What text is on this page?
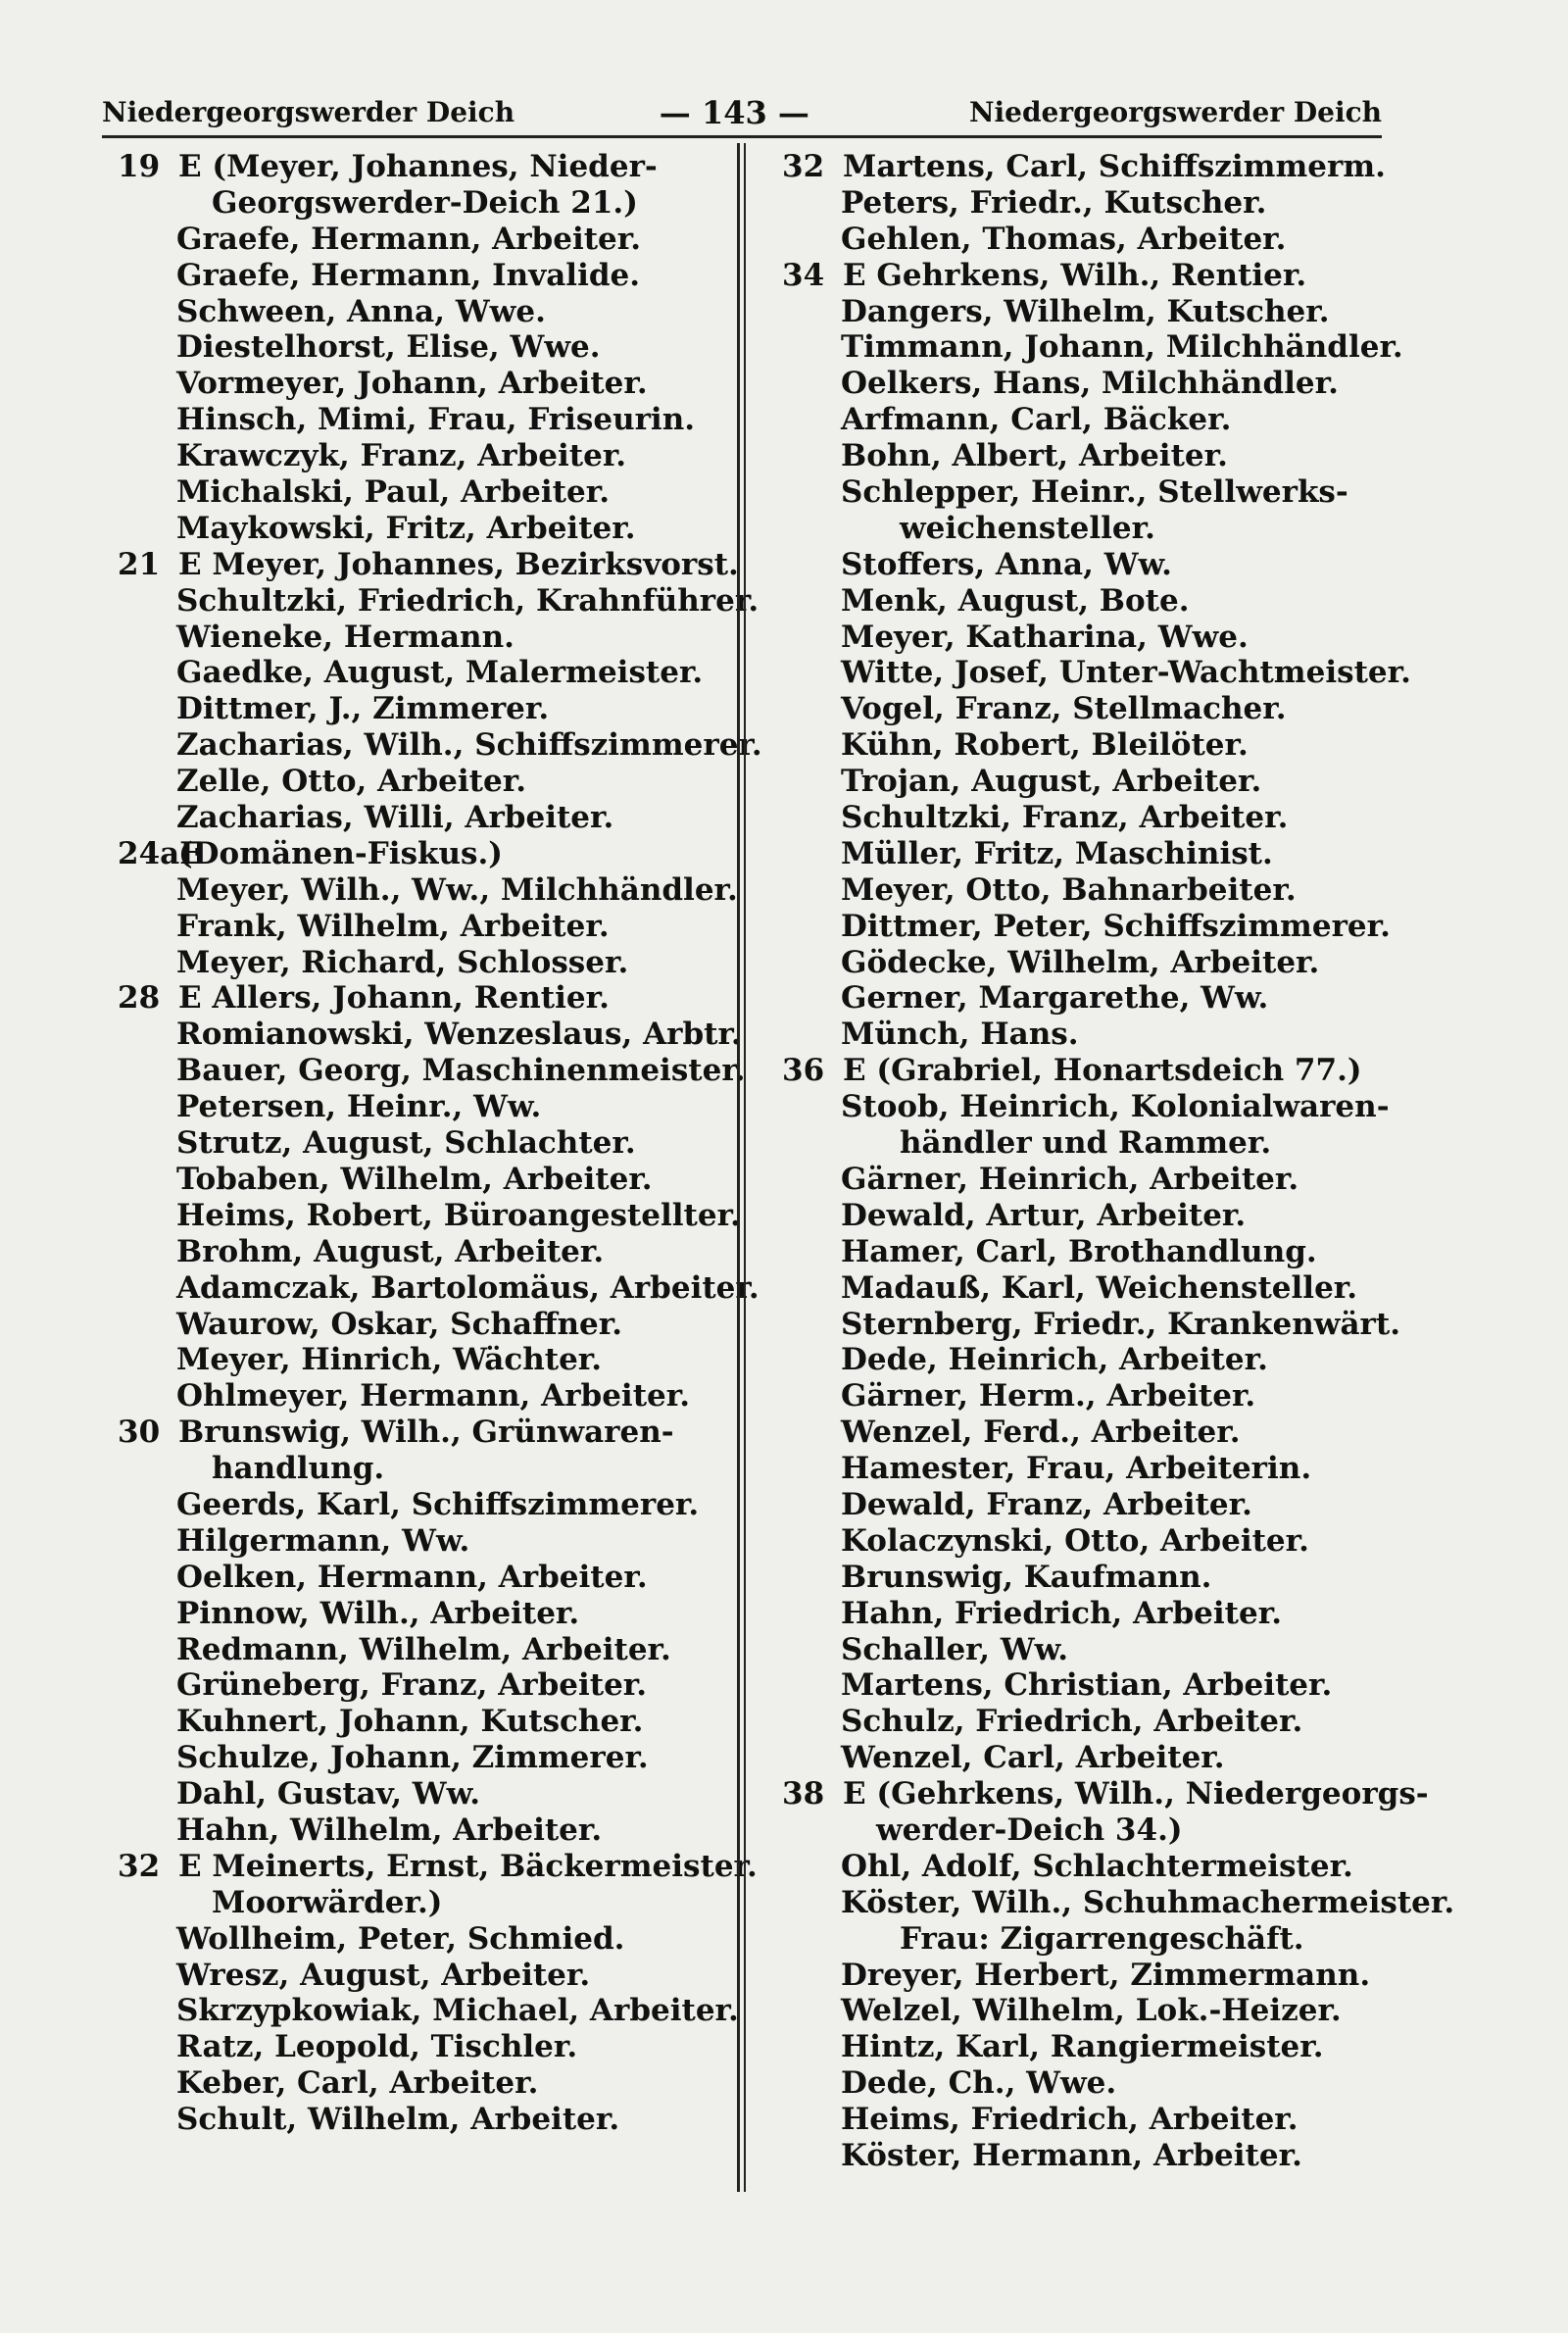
Niedergeorgswerder Deich	— 143 —	Niedergeorgswerder Deich
19 E (Meyer, Johannes, Nieder-
Georgswerder-Deich 21.)
Graefe, Hermann, Arbeiter.
Graefe, Hermann, Invalide.
Schween, Anna, Wwe.
Diestelhorst, Elise, Wwe.
Vormeyer, Johann, Arbeiter.
Hinsch, Mimi, Frau, Friseurin.
Krawczyk, Franz, Arbeiter.
Michalski, Paul, Arbeiter.
Maykowski, Fritz, Arbeiter.
21 E Meyer, Johannes, Bezirksvorst.
Schultzki, Friedrich, Krahnführer.
Wieneke, Hermann.
Gaedke, August, Malermeister.
Dittmer, J., Zimmerer.
Zacharias, Wilh., Schiffszimmerer.
Zelle, Otto, Arbeiter.
Zacharias, Willi, Arbeiter.
24aE
(Domänen-Fiskus.)
Meyer, Wilh., Ww., Milchhändler.
Frank, Wilhelm, Arbeiter.
Meyer, Richard, Schlosser.
28 E Allers, Johann, Rentier.
Romianowski, Wenzeslaus, Arbtr.
Bauer, Georg, Maschinenmeister.
Petersen, Heinr., Ww.
Strutz, August, Schlachter.
Tobaben, Wilhelm, Arbeiter.
Heims, Robert, Büroangestellter.
Brohm, August, Arbeiter.
Adamczak, Bartolomäus, Arbeiter.
Waurow, Oskar, Schaffner.
Meyer, Hinrich, Wächter.
Ohlmeyer, Hermann, Arbeiter.
30 Brunswig, Wilh., Grünwaren-
handlung.
Geerds, Karl, Schiffszimmerer.
Hilgermann, Ww.
Oelken, Hermann, Arbeiter.
Pinnow, Wilh., Arbeiter.
Redmann, Wilhelm, Arbeiter.
Grüneberg, Franz, Arbeiter.
Kuhnert, Johann, Kutscher.
Schulze, Johann, Zimmerer.
Dahl, Gustav, Ww.
Hahn, Wilhelm, Arbeiter.
32 E Meinerts, Ernst, Bäckermeister.
Moorwärder.)
Wollheim, Peter, Schmied.
Wresz, August, Arbeiter.
Skrzypkowiak, Michael, Arbeiter.
Ratz, Leopold, Tischler.
Keber, Carl, Arbeiter.
Schult, Wilhelm, Arbeiter.
32 Martens, Carl, Schiffszimmerm.
Peters, Friedr., Kutscher.
Gehlen, Thomas, Arbeiter.
34 E Gehrkens, Wilh., Rentier.
Dangers, Wilhelm, Kutscher.
Timmann, Johann, Milchhändler.
Oelkers, Hans, Milchhändler.
Arfmann, Carl, Bäcker.
Bohn, Albert, Arbeiter.
Schlepper, Heinr., Stellwerks-
weichensteller.
Stoffers, Anna, Ww.
Menk, August, Bote.
Meyer, Katharina, Wwe.
Witte, Josef, Unter-Wachtmeister.
Vogel, Franz, Stellmacher.
Kühn, Robert, Bleilöter.
Trojan, August, Arbeiter.
Schultzki, Franz, Arbeiter.
Müller, Fritz, Maschinist.
Meyer, Otto, Bahnarbeiter.
Dittmer, Peter, Schiffszimmerer.
Gödecke, Wilhelm, Arbeiter.
Gerner, Margarethe, Ww.
Münch, Hans.
36 E (Grabriel, Honartsdeich 77.)
Stoob, Heinrich, Kolonialwaren-
händler und Rammer.
Gärner, Heinrich, Arbeiter.
Dewald, Artur, Arbeiter.
Hamer, Carl, Brothandlung.
Madauß, Karl, Weichensteller.
Sternberg, Friedr., Krankenwärt.
Dede, Heinrich, Arbeiter.
Gärner, Herm., Arbeiter.
Wenzel, Ferd., Arbeiter.
Hamester, Frau, Arbeiterin.
Dewald, Franz, Arbeiter.
Kolaczynski, Otto, Arbeiter.
Brunswig, Kaufmann.
Hahn, Friedrich, Arbeiter.
Schaller, Ww.
Martens, Christian, Arbeiter.
Schulz, Friedrich, Arbeiter.
Wenzel, Carl, Arbeiter.
38 E (Gehrkens, Wilh., Niedergeorgs-
werder-Deich 34.)
Ohl, Adolf, Schlachtermeister.
Köster, Wilh., Schuhmachermeister.
Frau: Zigarrengeschäft.
Dreyer, Herbert, Zimmermann.
Welzel, Wilhelm, Lok.-Heizer.
Hintz, Karl, Rangiermeister.
Dede, Ch., Wwe.
Heims, Friedrich, Arbeiter.
Köster, Hermann, Arbeiter.
